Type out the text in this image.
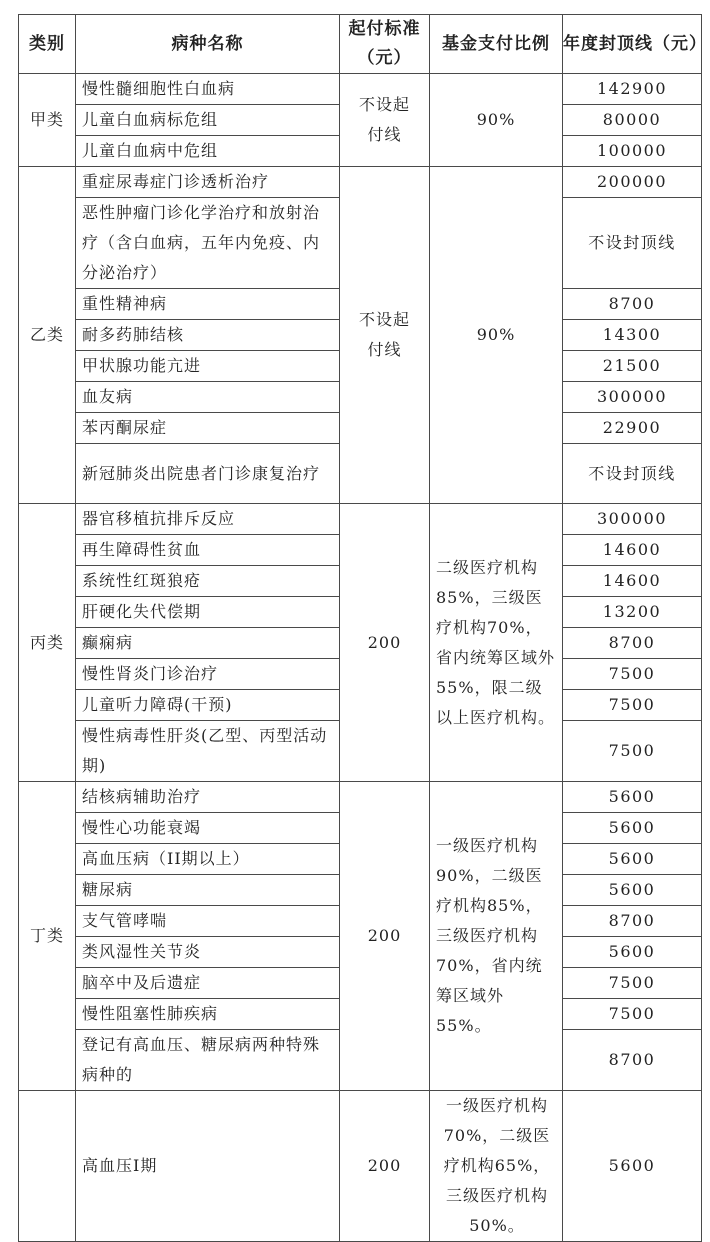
类别	病种名称	起付标准（元）	基金支付比例	年度封顶线（元）
甲类	慢性髓细胞性白血病	不设起付线	90%	142900
	儿童白血病标危组			80000
	儿童白血病中危组			100000
乙类	重症尿毒症门诊透析治疗	不设起付线	90%	200000
	恶性肿瘤门诊化学治疗和放射治疗（含白血病，五年内免疫、内分泌治疗）			不设封顶线
	重性精神病			8700
	耐多药肺结核			14300
	甲状腺功能亢进			21500
	血友病			300000
	苯丙酮尿症			22900
	新冠肺炎出院患者门诊康复治疗			不设封顶线
丙类	器官移植抗排斥反应	200	二级医疗机构85%，三级医疗机构70%，省内统筹区域外55%，限二级以上医疗机构。	300000
	再生障碍性贫血			14600
	系统性红斑狼疮			14600
	肝硬化失代偿期			13200
	癫痫病			8700
	慢性肾炎门诊治疗			7500
	儿童听力障碍(干预)			7500
	慢性病毒性肝炎(乙型、丙型活动期)			7500
丁类	结核病辅助治疗	200	一级医疗机构90%，二级医疗机构85%，三级医疗机构70%，省内统筹区域外55%。	5600
	慢性心功能衰竭			5600
	高血压病（II期以上）			5600
	糖尿病			5600
	支气管哮喘			8700
	类风湿性关节炎			5600
	脑卒中及后遗症			7500
	慢性阻塞性肺疾病			7500
	登记有高血压、糖尿病两种特殊病种的			8700
	高血压I期	200	一级医疗机构70%，二级医疗机构65%，三级医疗机构50%。	5600
